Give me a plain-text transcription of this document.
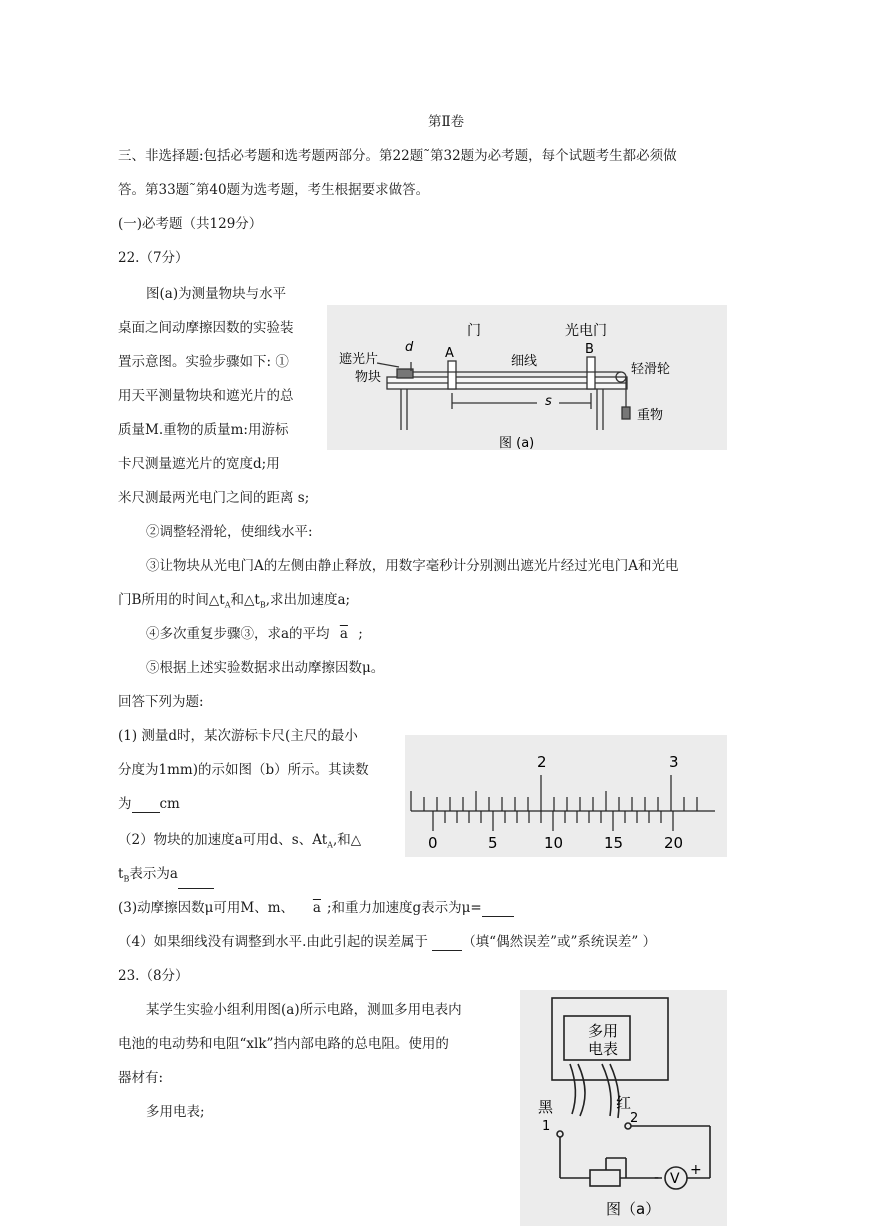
第Ⅱ卷
三、非选择题:包括必考题和选考题两部分。第22题˜第32题为必考题，每个试题考生都必须做
答。第33题˜第40题为选考题，考生根据要求做答。
(一)必考题（共129分）
22.（7分）
图(a)为测量物块与水平
桌面之间动摩擦因数的实验装
置示意图。实验步骤如下: ①
用天平测量物块和遮光片的总
质量M.重物的质量m:用游标
卡尺测量遮光片的宽度d;用
米尺测最两光电门之间的距离 s;
门	光电门
遮光片
d
物块
A	B
细线
轻滑轮
s
重物
图 (a)
②调整轻滑轮，使细线水平:
③让物块从光电门A的左侧由静止释放，用数字毫秒计分别测出遮光片经过光电门A和光电
门B所用的时间$\triangle t_A$和$\triangle t_B$,求出加速度a;
④多次重复步骤③，求a的平均 $\overline{a}$ ;
⑤根据上述实验数据求出动摩擦因数μ。
回答下列为题:
(1) 测量d时，某次游标卡尺(主尺的最小
分度为1mm)的示如图（b）所示。其读数
为 cm
2	3
0	5	10	15	20
（2）物块的加速度a可用d、s、$At_A$,和△
$t_B$表示为a
(3)动摩擦因数μ可用M、m、 $\overline{a}$ ;和重力加速度g表示为μ=
（4）如果细线没有调整到水平.由此引起的误差属于	（填“偶然误差”或”系统误差” ）
23.（8分）
某学生实验小组利用图(a)所示电路，测皿多用电表内
电池的电动势和电阻“xlk”挡内部电路的总电阻。使用的
器材有:
多用电表;
多用
电表
黑	红
1
2
- V
+
图（a）
